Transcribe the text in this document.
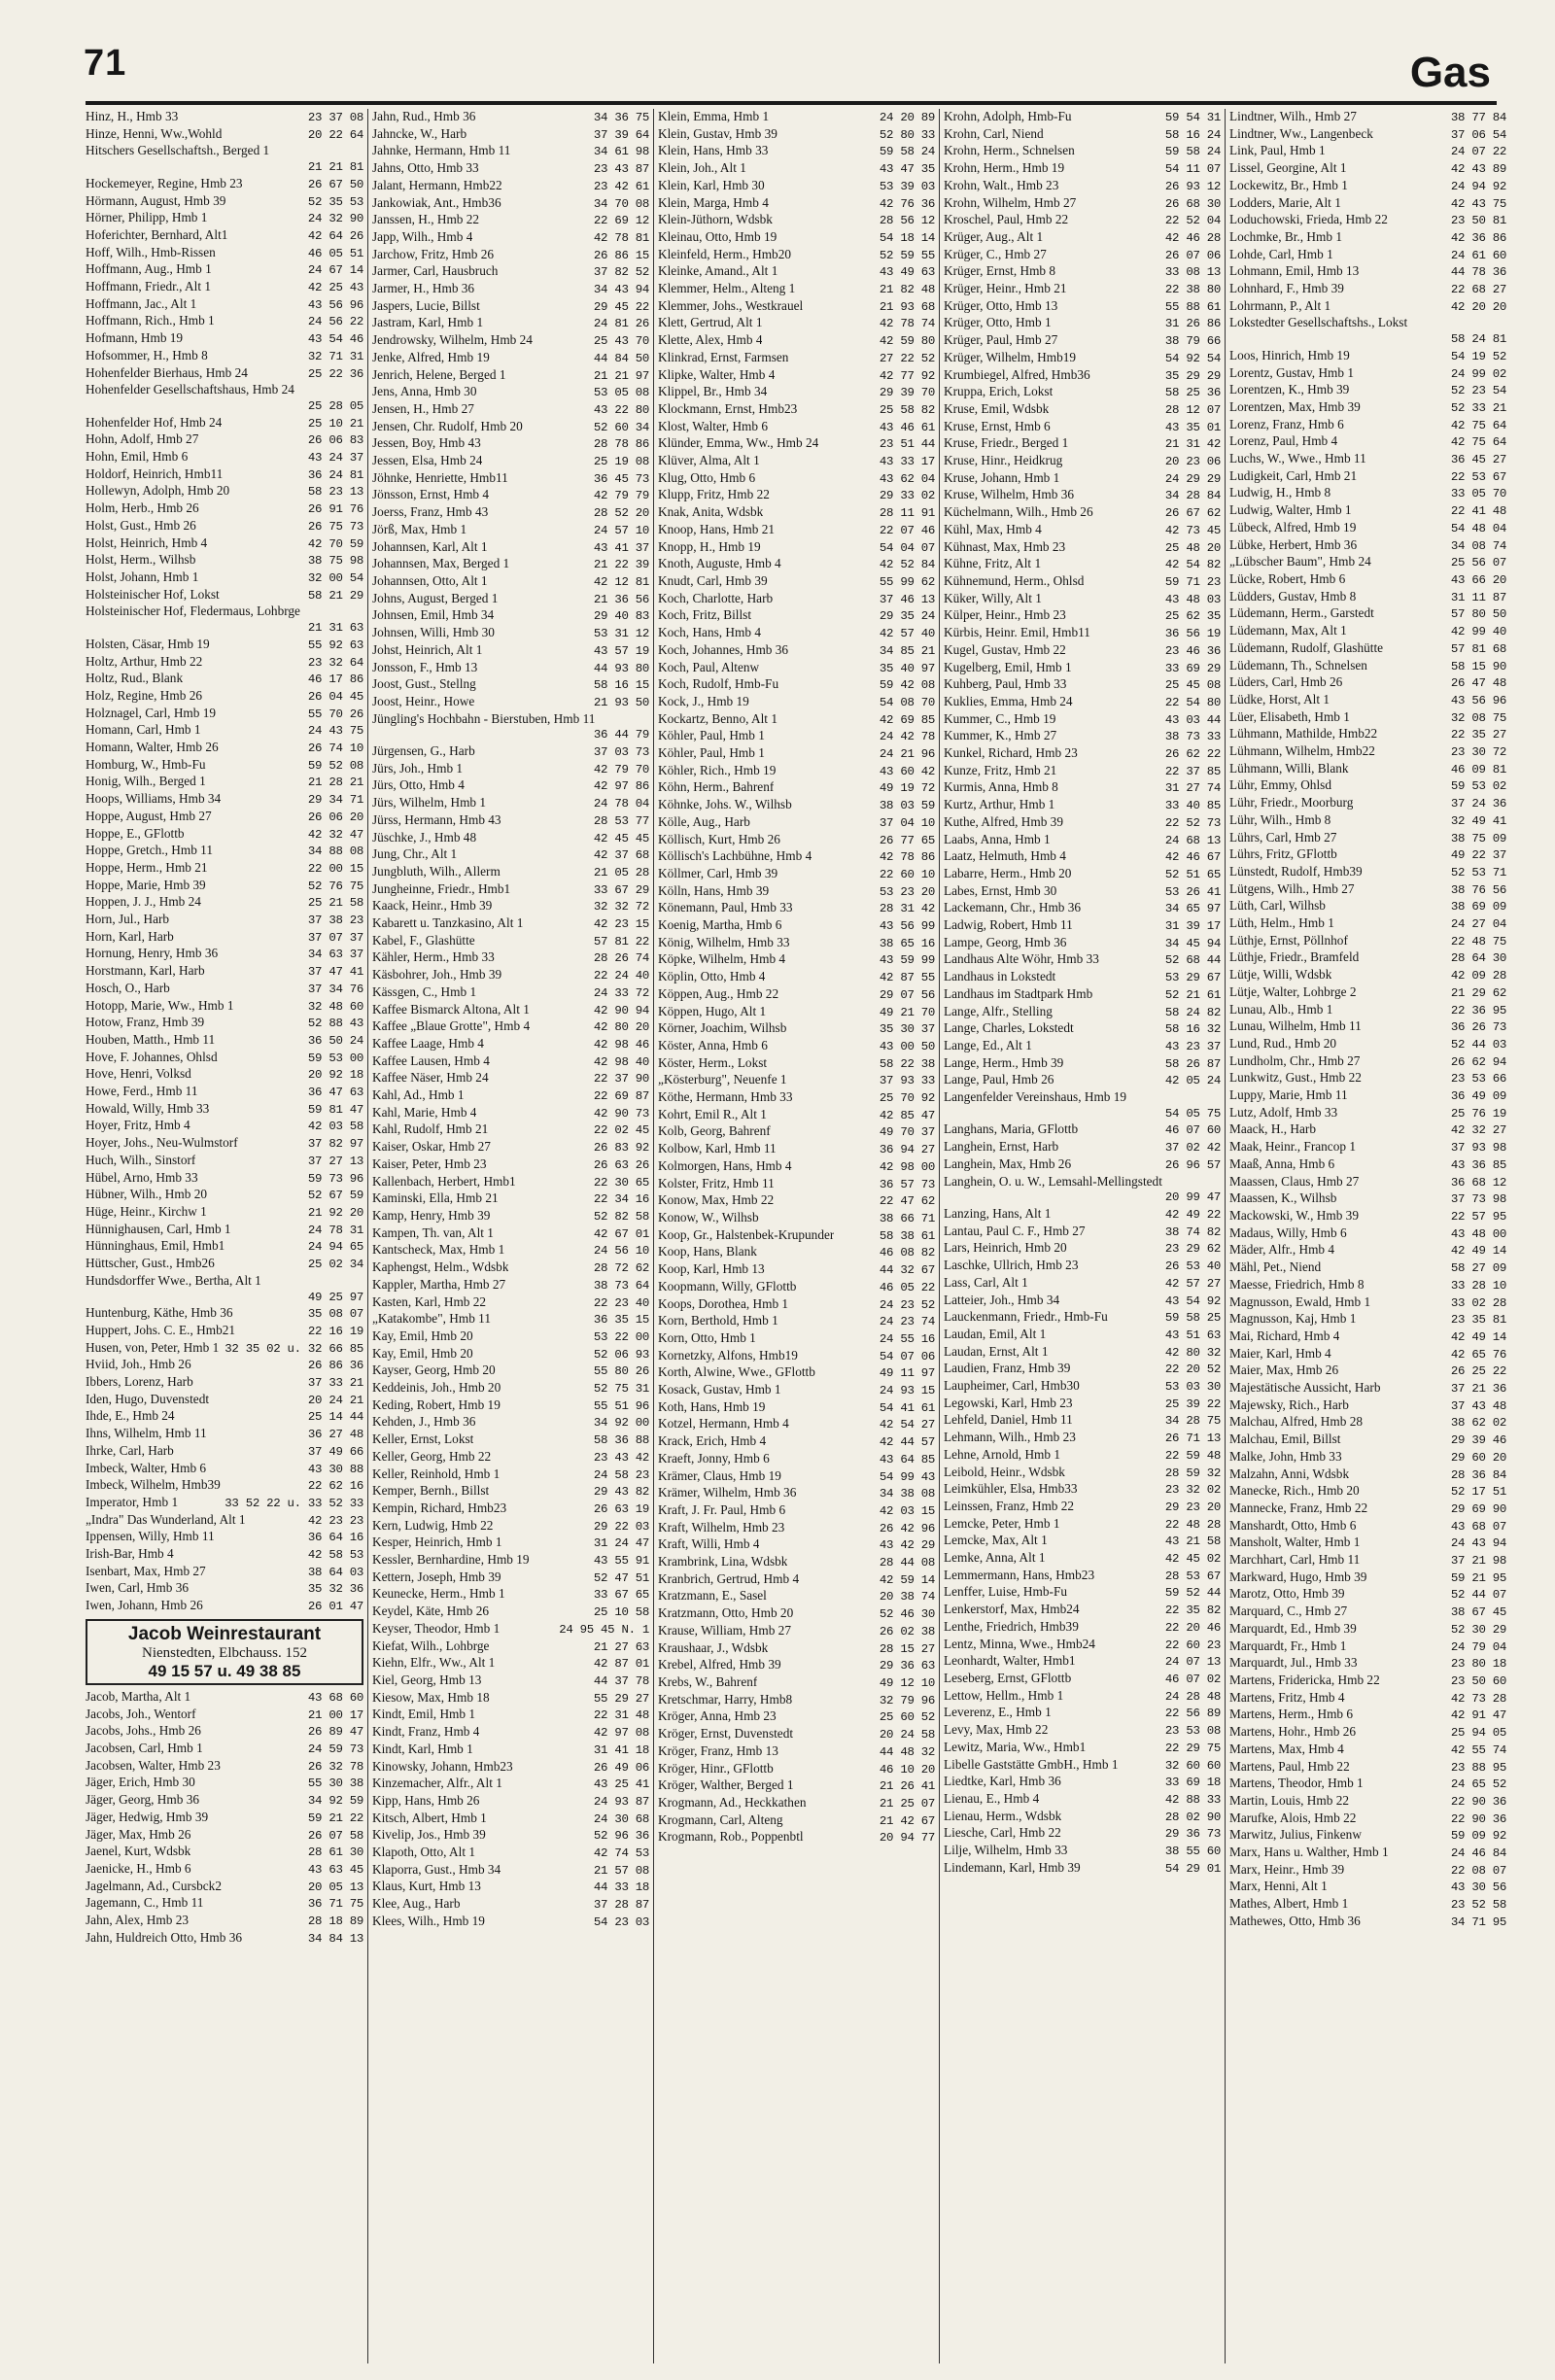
71	Gas
Hinz, H., Hmb 33	23 37 08
Hinze, Henni, Ww.,Wohld	20 22 64
Hitschers Gesellschaftsh., Berged 1
21 21 81
Hockemeyer, Regine, Hmb 23	26 67 50
Hörmann, August, Hmb 39	52 35 53
Hörner, Philipp, Hmb 1	24 32 90
Hoferichter, Bernhard, Alt1	42 64 26
Hoff, Wilh., Hmb-Rissen	46 05 51
Hoffmann, Aug., Hmb 1	24 67 14
Hoffmann, Friedr., Alt 1	42 25 43
Hoffmann, Jac., Alt 1	43 56 96
Hoffmann, Rich., Hmb 1	24 56 22
Hofmann, Hmb 19	43 54 46
Hofsommer, H., Hmb 8	32 71 31
Hohenfelder Bierhaus, Hmb 24	25 22 36
Hohenfelder Gesellschaftshaus, Hmb 24
25 28 05
Hohenfelder Hof, Hmb 24	25 10 21
Hohn, Adolf, Hmb 27	26 06 83
Hohn, Emil, Hmb 6	43 24 37
Holdorf, Heinrich, Hmb11	36 24 81
Hollewyn, Adolph, Hmb 20	58 23 13
Holm, Herb., Hmb 26	26 91 76
Holst, Gust., Hmb 26	26 75 73
Holst, Heinrich, Hmb 4	42 70 59
Holst, Herm., Wilhsb	38 75 98
Holst, Johann, Hmb 1	32 00 54
Holsteinischer Hof, Lokst	58 21 29
Holsteinischer Hof, Fledermaus, Lohbrge
21 31 63
Holsten, Cäsar, Hmb 19	55 92 63
Holtz, Arthur, Hmb 22	23 32 64
Holtz, Rud., Blank	46 17 86
Holz, Regine, Hmb 26	26 04 45
Holznagel, Carl, Hmb 19	55 70 26
Homann, Carl, Hmb 1	24 43 75
Homann, Walter, Hmb 26	26 74 10
Homburg, W., Hmb-Fu	59 52 08
Honig, Wilh., Berged 1	21 28 21
Hoops, Williams, Hmb 34	29 34 71
Hoppe, August, Hmb 27	26 06 20
Hoppe, E., GFlottb	42 32 47
Hoppe, Gretch., Hmb 11	34 88 08
Hoppe, Herm., Hmb 21	22 00 15
Hoppe, Marie, Hmb 39	52 76 75
Hoppen, J. J., Hmb 24	25 21 58
Horn, Jul., Harb	37 38 23
Horn, Karl, Harb	37 07 37
Hornung, Henry, Hmb 36	34 63 37
Horstmann, Karl, Harb	37 47 41
Hosch, O., Harb	37 34 76
Hotopp, Marie, Ww., Hmb 1	32 48 60
Hotow, Franz, Hmb 39	52 88 43
Houben, Matth., Hmb 11	36 50 24
Hove, F. Johannes, Ohlsd	59 53 00
Hove, Henri, Volksd	20 92 18
Howe, Ferd., Hmb 11	36 47 63
Howald, Willy, Hmb 33	59 81 47
Hoyer, Fritz, Hmb 4	42 03 58
Hoyer, Johs., Neu-Wulmstorf	37 82 97
Huch, Wilh., Sinstorf	37 27 13
Hübel, Arno, Hmb 33	59 73 96
Hübner, Wilh., Hmb 20	52 67 59
Hüge, Heinr., Kirchw 1	21 92 20
Hünnighausen, Carl, Hmb 1	24 78 31
Hünninghaus, Emil, Hmb1	24 94 65
Hüttscher, Gust., Hmb26	25 02 34
Hundsdorffer Wwe., Bertha, Alt 1
49 25 97
Huntenburg, Käthe, Hmb 36	35 08 07
Huppert, Johs. C. E., Hmb21	22 16 19
Husen, von, Peter, Hmb 1 32 35 02 u. 32 66 85
Hviid, Joh., Hmb 26	26 86 36
Ibbers, Lorenz, Harb	37 33 21
Iden, Hugo, Duvenstedt	20 24 21
Ihde, E., Hmb 24	25 14 44
Ihns, Wilhelm, Hmb 11	36 27 48
Ihrke, Carl, Harb	37 49 66
Imbeck, Walter, Hmb 6	43 30 88
Imbeck, Wilhelm, Hmb39	22 62 16
Imperator, Hmb 1	33 52 22 u. 33 52 33
„Indra" Das Wunderland, Alt 1	42 23 23
Ippensen, Willy, Hmb 11	36 64 16
Irish-Bar, Hmb 4	42 58 53
Isenbart, Max, Hmb 27	38 64 03
Iwen, Carl, Hmb 36	35 32 36
Iwen, Johann, Hmb 26	26 01 47
Jacob Weinrestaurant
Nienstedten, Elbchauss. 152
49 15 57 u. 49 38 85
Jacob, Martha, Alt 1	43 68 60
Jacobs, Joh., Wentorf	21 00 17
Jacobs, Johs., Hmb 26	26 89 47
Jacobsen, Carl, Hmb 1	24 59 73
Jacobsen, Walter, Hmb 23	26 32 78
Jäger, Erich, Hmb 30	55 30 38
Jäger, Georg, Hmb 36	34 92 59
Jäger, Hedwig, Hmb 39	59 21 22
Jäger, Max, Hmb 26	26 07 58
Jaenel, Kurt, Wdsbk	28 61 30
Jaenicke, H., Hmb 6	43 63 45
Jagelmann, Ad., Cursbck2	20 05 13
Jagemann, C., Hmb 11	36 71 75
Jahn, Alex, Hmb 23	28 18 89
Jahn, Huldreich Otto, Hmb 36	34 84 13
Jahn, Rud., Hmb 36	34 36 75
Jahncke, W., Harb	37 39 64
Jahnke, Hermann, Hmb 11	34 61 98
Jahns, Otto, Hmb 33	23 43 87
Jalant, Hermann, Hmb22	23 42 61
Jankowiak, Ant., Hmb36	34 70 08
Janssen, H., Hmb 22	22 69 12
Japp, Wilh., Hmb 4	42 78 81
Jarchow, Fritz, Hmb 26	26 86 15
Jarmer, Carl, Hausbruch	37 82 52
Jarmer, H., Hmb 36	34 43 94
Jaspers, Lucie, Billst	29 45 22
Jastram, Karl, Hmb 1	24 81 26
Jendrowsky, Wilhelm, Hmb 24	25 43 70
Jenke, Alfred, Hmb 19	44 84 50
Jenrich, Helene, Berged 1	21 21 97
Jens, Anna, Hmb 30	53 05 08
Jensen, H., Hmb 27	43 22 80
Jensen, Chr. Rudolf, Hmb 20	52 60 34
Jessen, Boy, Hmb 43	28 78 86
Jessen, Elsa, Hmb 24	25 19 08
Jöhnke, Henriette, Hmb11	36 45 73
Jönsson, Ernst, Hmb 4	42 79 79
Joerss, Franz, Hmb 43	28 52 20
Jörß, Max, Hmb 1	24 57 10
Johannsen, Karl, Alt 1	43 41 37
Johannsen, Max, Berged 1	21 22 39
Johannsen, Otto, Alt 1	42 12 81
Johns, August, Berged 1	21 36 56
Johnsen, Emil, Hmb 34	29 40 83
Johnsen, Willi, Hmb 30	53 31 12
Johst, Heinrich, Alt 1	43 57 19
Jonsson, F., Hmb 13	44 93 80
Joost, Gust., Stellng	58 16 15
Joost, Heinr., Howe	21 93 50
Jüngling's Hochbahn - Bierstuben, Hmb 11
36 44 79
Jürgensen, G., Harb	37 03 73
Jürs, Joh., Hmb 1	42 79 70
Jürs, Otto, Hmb 4	42 97 86
Jürs, Wilhelm, Hmb 1	24 78 04
Jürss, Hermann, Hmb 43	28 53 77
Jüschke, J., Hmb 48	42 45 45
Jung, Chr., Alt 1	42 37 68
Jungbluth, Wilh., Allerm	21 05 28
Jungheinne, Friedr., Hmb1	33 67 29
Kaack, Heinr., Hmb 39	32 32 72
Kabarett u. Tanzkasino, Alt 1	42 23 15
Kabel, F., Glashütte	57 81 22
Kähler, Herm., Hmb 33	28 26 74
Käsbohrer, Joh., Hmb 39	22 24 40
Kässgen, C., Hmb 1	24 33 72
Kaffee Bismarck Altona, Alt 1	42 90 94
Kaffee „Blaue Grotte", Hmb 4	42 80 20
Kaffee Laage, Hmb 4	42 98 46
Kaffee Lausen, Hmb 4	42 98 40
Kaffee Näser, Hmb 24	22 37 90
Kahl, Ad., Hmb 1	22 69 87
Kahl, Marie, Hmb 4	42 90 73
Kahl, Rudolf, Hmb 21	22 02 45
Kaiser, Oskar, Hmb 27	26 83 92
Kaiser, Peter, Hmb 23	26 63 26
Kallenbach, Herbert, Hmb1	22 30 65
Kaminski, Ella, Hmb 21	22 34 16
Kamp, Henry, Hmb 39	52 82 58
Kampen, Th. van, Alt 1	42 67 01
Kantscheck, Max, Hmb 1	24 56 10
Kaphengst, Helm., Wdsbk	28 72 62
Kappler, Martha, Hmb 27	38 73 64
Kasten, Karl, Hmb 22	22 23 40
„Katakombe", Hmb 11	36 35 15
Kay, Emil, Hmb 20	53 22 00
Kay, Emil, Hmb 20	52 06 93
Kayser, Georg, Hmb 20	55 80 26
Keddeinis, Joh., Hmb 20	52 75 31
Keding, Robert, Hmb 19	55 51 96
Kehden, J., Hmb 36	34 92 00
Keller, Ernst, Lokst	58 36 88
Keller, Georg, Hmb 22	23 43 42
Keller, Reinhold, Hmb 1	24 58 23
Kemper, Bernh., Billst	29 43 82
Kempin, Richard, Hmb23	26 63 19
Kern, Ludwig, Hmb 22	29 22 03
Kesper, Heinrich, Hmb 1	31 24 47
Kessler, Bernhardine, Hmb 19	43 55 91
Kettern, Joseph, Hmb 39	52 47 51
Keunecke, Herm., Hmb 1	33 67 65
Keydel, Käte, Hmb 26	25 10 58
Keyser, Theodor, Hmb 1	24 95 45 N. 1
Kiefat, Wilh., Lohbrge	21 27 63
Kiehn, Elfr., Ww., Alt 1	42 87 01
Kiel, Georg, Hmb 13	44 37 78
Kiesow, Max, Hmb 18	55 29 27
Kindt, Emil, Hmb 1	22 31 48
Kindt, Franz, Hmb 4	42 97 08
Kindt, Karl, Hmb 1	31 41 18
Kinowsky, Johann, Hmb23	26 49 06
Kinzemacher, Alfr., Alt 1	43 25 41
Kipp, Hans, Hmb 26	24 93 87
Kitsch, Albert, Hmb 1	24 30 68
Kivelip, Jos., Hmb 39	52 96 36
Klapoth, Otto, Alt 1	42 74 53
Klaporra, Gust., Hmb 34	21 57 08
Klaus, Kurt, Hmb 13	44 33 18
Klee, Aug., Harb	37 28 87
Klees, Wilh., Hmb 19	54 23 03
Klein, Emma, Hmb 1	24 20 89
Klein, Gustav, Hmb 39	52 80 33
Klein, Hans, Hmb 33	59 58 24
Klein, Joh., Alt 1	43 47 35
Klein, Karl, Hmb 30	53 39 03
Klein, Marga, Hmb 4	42 76 36
Klein-Jüthorn, Wdsbk	28 56 12
Kleinau, Otto, Hmb 19	54 18 14
Kleinfeld, Herm., Hmb20	52 59 55
Kleinke, Amand., Alt 1	43 49 63
Klemmer, Helm., Alteng 1	21 82 48
Klemmer, Johs., Westkrauel	21 93 68
Klett, Gertrud, Alt 1	42 78 74
Klette, Alex, Hmb 4	42 59 80
Klinkrad, Ernst, Farmsen	27 22 52
Klipke, Walter, Hmb 4	42 77 92
Klippel, Br., Hmb 34	29 39 70
Klockmann, Ernst, Hmb23	25 58 82
Klost, Walter, Hmb 6	43 46 61
Klünder, Emma, Ww., Hmb 24	23 51 44
Klüver, Alma, Alt 1	43 33 17
Klug, Otto, Hmb 6	43 62 04
Klupp, Fritz, Hmb 22	29 33 02
Knak, Anita, Wdsbk	28 11 91
Knoop, Hans, Hmb 21	22 07 46
Knopp, H., Hmb 19	54 04 07
Knoth, Auguste, Hmb 4	42 52 84
Knudt, Carl, Hmb 39	55 99 62
Koch, Charlotte, Harb	37 46 13
Koch, Fritz, Billst	29 35 24
Koch, Hans, Hmb 4	42 57 40
Koch, Johannes, Hmb 36	34 85 21
Koch, Paul, Altenw	35 40 97
Koch, Rudolf, Hmb-Fu	59 42 08
Kock, J., Hmb 19	54 08 70
Kockartz, Benno, Alt 1	42 69 85
Köhler, Paul, Hmb 1	24 42 78
Köhler, Paul, Hmb 1	24 21 96
Köhler, Rich., Hmb 19	43 60 42
Köhn, Herm., Bahrenf	49 19 72
Köhnke, Johs. W., Wilhsb	38 03 59
Kölle, Aug., Harb	37 04 10
Köllisch, Kurt, Hmb 26	26 77 65
Köllisch's Lachbühne, Hmb 4	42 78 86
Köllmer, Carl, Hmb 39	22 60 10
Kölln, Hans, Hmb 39	53 23 20
Könemann, Paul, Hmb 33	28 31 42
Koenig, Martha, Hmb 6	43 56 99
König, Wilhelm, Hmb 33	38 65 16
Köpke, Wilhelm, Hmb 4	43 59 99
Köplin, Otto, Hmb 4	42 87 55
Köppen, Aug., Hmb 22	29 07 56
Köppen, Hugo, Alt 1	49 21 70
Körner, Joachim, Wilhsb	35 30 37
Köster, Anna, Hmb 6	43 00 50
Köster, Herm., Lokst	58 22 38
„Kösterburg", Neuenfe 1	37 93 33
Köthe, Hermann, Hmb 33	25 70 92
Kohrt, Emil R., Alt 1	42 85 47
Kolb, Georg, Bahrenf	49 70 37
Kolbow, Karl, Hmb 11	36 94 27
Kolmorgen, Hans, Hmb 4	42 98 00
Kolster, Fritz, Hmb 11	36 57 73
Konow, Max, Hmb 22	22 47 62
Konow, W., Wilhsb	38 66 71
Koop, Gr., Halstenbek-Krupunder	58 38 61
Koop, Hans, Blank	46 08 82
Koop, Karl, Hmb 13	44 32 67
Koopmann, Willy, GFlottb	46 05 22
Koops, Dorothea, Hmb 1	24 23 52
Korn, Berthold, Hmb 1	24 23 74
Korn, Otto, Hmb 1	24 55 16
Kornetzky, Alfons, Hmb19	54 07 06
Korth, Alwine, Wwe., GFlottb	49 11 97
Kosack, Gustav, Hmb 1	24 93 15
Koth, Hans, Hmb 19	54 41 61
Kotzel, Hermann, Hmb 4	42 54 27
Krack, Erich, Hmb 4	42 44 57
Kraeft, Jonny, Hmb 6	43 64 85
Krämer, Claus, Hmb 19	54 99 43
Krämer, Wilhelm, Hmb 36	34 38 08
Kraft, J. Fr. Paul, Hmb 6	42 03 15
Kraft, Wilhelm, Hmb 23	26 42 96
Kraft, Willi, Hmb 4	43 42 29
Krambrink, Lina, Wdsbk	28 44 08
Kranbrich, Gertrud, Hmb 4	42 59 14
Kratzmann, E., Sasel	20 38 74
Kratzmann, Otto, Hmb 20	52 46 30
Krause, William, Hmb 27	26 02 38
Kraushaar, J., Wdsbk	28 15 27
Krebel, Alfred, Hmb 39	29 36 63
Krebs, W., Bahrenf	49 12 10
Kretschmar, Harry, Hmb8	32 79 96
Kröger, Anna, Hmb 23	25 60 52
Kröger, Ernst, Duvenstedt	20 24 58
Kröger, Franz, Hmb 13	44 48 32
Kröger, Hinr., GFlottb	46 10 20
Kröger, Walther, Berged 1	21 26 41
Krogmann, Ad., Heckkathen	21 25 07
Krogmann, Carl, Alteng	21 42 67
Krogmann, Rob., Poppenbtl	20 94 77
Krohn, Adolph, Hmb-Fu	59 54 31
Krohn, Carl, Niend	58 16 24
Krohn, Herm., Schnelsen	59 58 24
Krohn, Herm., Hmb 19	54 11 07
Krohn, Walt., Hmb 23	26 93 12
Krohn, Wilhelm, Hmb 27	26 68 30
Kroschel, Paul, Hmb 22	22 52 04
Krüger, Aug., Alt 1	42 46 28
Krüger, C., Hmb 27	26 07 06
Krüger, Ernst, Hmb 8	33 08 13
Krüger, Heinr., Hmb 21	22 38 80
Krüger, Otto, Hmb 13	55 88 61
Krüger, Otto, Hmb 1	31 26 86
Krüger, Paul, Hmb 27	38 79 66
Krüger, Wilhelm, Hmb19	54 92 54
Krumbiegel, Alfred, Hmb36	35 29 29
Kruppa, Erich, Lokst	58 25 36
Kruse, Emil, Wdsbk	28 12 07
Kruse, Ernst, Hmb 6	43 35 01
Kruse, Friedr., Berged 1	21 31 42
Kruse, Hinr., Heidkrug	20 23 06
Kruse, Johann, Hmb 1	24 29 29
Kruse, Wilhelm, Hmb 36	34 28 84
Küchelmann, Wilh., Hmb 26	26 67 62
Kühl, Max, Hmb 4	42 73 45
Kühnast, Max, Hmb 23	25 48 20
Kühne, Fritz, Alt 1	42 54 82
Kühnemund, Herm., Ohlsd	59 71 23
Küker, Willy, Alt 1	43 48 03
Külper, Heinr., Hmb 23	25 62 35
Kürbis, Heinr. Emil, Hmb11	36 56 19
Kugel, Gustav, Hmb 22	23 46 36
Kugelberg, Emil, Hmb 1	33 69 29
Kuhberg, Paul, Hmb 33	25 45 08
Kuklies, Emma, Hmb 24	22 54 80
Kummer, C., Hmb 19	43 03 44
Kummer, K., Hmb 27	38 73 33
Kunkel, Richard, Hmb 23	26 62 22
Kunze, Fritz, Hmb 21	22 37 85
Kurmis, Anna, Hmb 8	31 27 74
Kurtz, Arthur, Hmb 1	33 40 85
Kuthe, Alfred, Hmb 39	22 52 73
Laabs, Anna, Hmb 1	24 68 13
Laatz, Helmuth, Hmb 4	42 46 67
Labarre, Herm., Hmb 20	52 51 65
Labes, Ernst, Hmb 30	53 26 41
Lackemann, Chr., Hmb 36	34 65 97
Ladwig, Robert, Hmb 11	31 39 17
Lampe, Georg, Hmb 36	34 45 94
Landhaus Alte Wöhr, Hmb 33	52 68 44
Landhaus in Lokstedt	53 29 67
Landhaus im Stadtpark Hmb	52 21 61
Lange, Alfr., Stelling	58 24 82
Lange, Charles, Lokstedt	58 16 32
Lange, Ed., Alt 1	43 23 37
Lange, Herm., Hmb 39	58 26 87
Lange, Paul, Hmb 26	42 05 24
Langenfelder Vereinshaus, Hmb 19
54 05 75
Langhans, Maria, GFlottb	46 07 60
Langhein, Ernst, Harb	37 02 42
Langhein, Max, Hmb 26	26 96 57
Langhein, O. u. W., Lemsahl-Mellingstedt
20 99 47
Lanzing, Hans, Alt 1	42 49 22
Lantau, Paul C. F., Hmb 27	38 74 82
Lars, Heinrich, Hmb 20	23 29 62
Laschke, Ullrich, Hmb 23	26 53 40
Lass, Carl, Alt 1	42 57 27
Latteier, Joh., Hmb 34	43 54 92
Lauckenmann, Friedr., Hmb-Fu	59 58 25
Laudan, Emil, Alt 1	43 51 63
Laudan, Ernst, Alt 1	42 80 32
Laudien, Franz, Hmb 39	22 20 52
Laupheimer, Carl, Hmb30	53 03 30
Legowski, Karl, Hmb 23	25 39 22
Lehfeld, Daniel, Hmb 11	34 28 75
Lehmann, Wilh., Hmb 23	26 71 13
Lehne, Arnold, Hmb 1	22 59 48
Leibold, Heinr., Wdsbk	28 59 32
Leimkühler, Elsa, Hmb33	23 32 02
Leinssen, Franz, Hmb 22	29 23 20
Lemcke, Peter, Hmb 1	22 48 28
Lemcke, Max, Alt 1	43 21 58
Lemke, Anna, Alt 1	42 45 02
Lemmermann, Hans, Hmb23	28 53 67
Lenffer, Luise, Hmb-Fu	59 52 44
Lenkerstorf, Max, Hmb24	22 35 82
Lenthe, Friedrich, Hmb39	22 20 46
Lentz, Minna, Wwe., Hmb24	22 60 23
Leonhardt, Walter, Hmb1	24 07 13
Leseberg, Ernst, GFlottb	46 07 02
Lettow, Hellm., Hmb 1	24 28 48
Leverenz, E., Hmb 1	22 56 89
Levy, Max, Hmb 22	23 53 08
Lewitz, Maria, Ww., Hmb1	22 29 75
Libelle Gaststätte GmbH., Hmb 1	32 60 60
Liedtke, Karl, Hmb 36	33 69 18
Lienau, E., Hmb 4	42 88 33
Lienau, Herm., Wdsbk	28 02 90
Liesche, Carl, Hmb 22	29 36 73
Lilje, Wilhelm, Hmb 33	38 55 60
Lindemann, Karl, Hmb 39	54 29 01
Lindtner, Wilh., Hmb 27	38 77 84
Lindtner, Ww., Langenbeck	37 06 54
Link, Paul, Hmb 1	24 07 22
Lissel, Georgine, Alt 1	42 43 89
Lockewitz, Br., Hmb 1	24 94 92
Lodders, Marie, Alt 1	42 43 75
Loduchowski, Frieda, Hmb 22	23 50 81
Lochmke, Br., Hmb 1	42 36 86
Lohde, Carl, Hmb 1	24 61 60
Lohmann, Emil, Hmb 13	44 78 36
Lohnhard, F., Hmb 39	22 68 27
Lohrmann, P., Alt 1	42 20 20
Lokstedter Gesellschaftshs., Lokst
58 24 81
Loos, Hinrich, Hmb 19	54 19 52
Lorentz, Gustav, Hmb 1	24 99 02
Lorentzen, K., Hmb 39	52 23 54
Lorentzen, Max, Hmb 39	52 33 21
Lorenz, Franz, Hmb 6	42 75 64
Lorenz, Paul, Hmb 4	42 75 64
Luchs, W., Wwe., Hmb 11	36 45 27
Ludigkeit, Carl, Hmb 21	22 53 67
Ludwig, H., Hmb 8	33 05 70
Ludwig, Walter, Hmb 1	22 41 48
Lübeck, Alfred, Hmb 19	54 48 04
Lübke, Herbert, Hmb 36	34 08 74
„Lübscher Baum", Hmb 24	25 56 07
Lücke, Robert, Hmb 6	43 66 20
Lüdders, Gustav, Hmb 8	31 11 87
Lüdemann, Herm., Garstedt	57 80 50
Lüdemann, Max, Alt 1	42 99 40
Lüdemann, Rudolf, Glashütte	57 81 68
Lüdemann, Th., Schnelsen	58 15 90
Lüders, Carl, Hmb 26	26 47 48
Lüdke, Horst, Alt 1	43 56 96
Lüer, Elisabeth, Hmb 1	32 08 75
Lühmann, Mathilde, Hmb22	22 35 27
Lühmann, Wilhelm, Hmb22	23 30 72
Lühmann, Willi, Blank	46 09 81
Lühr, Emmy, Ohlsd	59 53 02
Lühr, Friedr., Moorburg	37 24 36
Lühr, Wilh., Hmb 8	32 49 41
Lührs, Carl, Hmb 27	38 75 09
Lührs, Fritz, GFlottb	49 22 37
Lünstedt, Rudolf, Hmb39	52 53 71
Lütgens, Wilh., Hmb 27	38 76 56
Lüth, Carl, Wilhsb	38 69 09
Lüth, Helm., Hmb 1	24 27 04
Lüthje, Ernst, Pöllnhof	22 48 75
Lüthje, Friedr., Bramfeld	28 64 30
Lütje, Willi, Wdsbk	42 09 28
Lütje, Walter, Lohbrge 2	21 29 62
Lunau, Alb., Hmb 1	22 36 95
Lunau, Wilhelm, Hmb 11	36 26 73
Lund, Rud., Hmb 20	52 44 03
Lundholm, Chr., Hmb 27	26 62 94
Lunkwitz, Gust., Hmb 22	23 53 66
Luppy, Marie, Hmb 11	36 49 09
Lutz, Adolf, Hmb 33	25 76 19
Maack, H., Harb	42 32 27
Maak, Heinr., Francop 1	37 93 98
Maaß, Anna, Hmb 6	43 36 85
Maassen, Claus, Hmb 27	36 68 12
Maassen, K., Wilhsb	37 73 98
Mackowski, W., Hmb 39	22 57 95
Madaus, Willy, Hmb 6	43 48 00
Mäder, Alfr., Hmb 4	42 49 14
Mähl, Pet., Niend	58 27 09
Maesse, Friedrich, Hmb 8	33 28 10
Magnusson, Ewald, Hmb 1	33 02 28
Magnusson, Kaj, Hmb 1	23 35 81
Mai, Richard, Hmb 4	42 49 14
Maier, Karl, Hmb 4	42 65 76
Maier, Max, Hmb 26	26 25 22
Majestätische Aussicht, Harb	37 21 36
Majewsky, Rich., Harb	37 43 48
Malchau, Alfred, Hmb 28	38 62 02
Malchau, Emil, Billst	29 39 46
Malke, John, Hmb 33	29 60 20
Malzahn, Anni, Wdsbk	28 36 84
Manecke, Rich., Hmb 20	52 17 51
Mannecke, Franz, Hmb 22	29 69 90
Manshardt, Otto, Hmb 6	43 68 07
Mansholt, Walter, Hmb 1	24 43 94
Marchhart, Carl, Hmb 11	37 21 98
Markward, Hugo, Hmb 39	59 21 95
Marotz, Otto, Hmb 39	52 44 07
Marquard, C., Hmb 27	38 67 45
Marquardt, Ed., Hmb 39	52 30 29
Marquardt, Fr., Hmb 1	24 79 04
Marquardt, Jul., Hmb 33	23 80 18
Martens, Fridericka, Hmb 22	23 50 60
Martens, Fritz, Hmb 4	42 73 28
Martens, Herm., Hmb 6	42 91 47
Martens, Hohr., Hmb 26	25 94 05
Martens, Max, Hmb 4	42 55 74
Martens, Paul, Hmb 22	23 88 95
Martens, Theodor, Hmb 1	24 65 52
Martin, Louis, Hmb 22	22 90 36
Marufke, Alois, Hmb 22	22 90 36
Marwitz, Julius, Finkenw	59 09 92
Marx, Hans u. Walther, Hmb 1	24 46 84
Marx, Heinr., Hmb 39	22 08 07
Marx, Henni, Alt 1	43 30 56
Mathes, Albert, Hmb 1	23 52 58
Mathewes, Otto, Hmb 36	34 71 95
